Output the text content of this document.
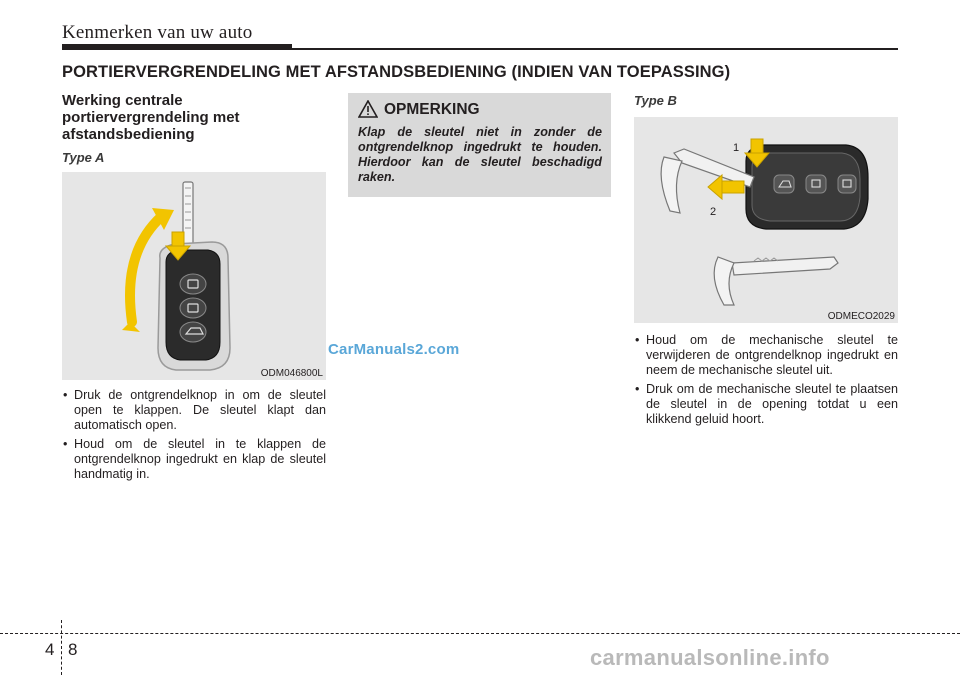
Kenmerken van uw auto
PORTIERVERGRENDELING MET AFSTANDSBEDIENING (INDIEN VAN TOEPASSING)
Werking centrale
portiervergrendeling met
afstandsbediening
Type A
ODM046800L
• Druk de ontgrendelknop in om de sleutel open te klappen. De sleutel klapt dan automatisch open.
• Houd om de sleutel in te klappen de ontgrendelknop ingedrukt en klap de sleutel handmatig in.
OPMERKING
Klap de sleutel niet in zonder de ontgrendelknop ingedrukt te houden. Hierdoor kan de sleutel beschadigd raken.
CarManuals2.com
Type B
1
2
ODMECO2029
• Houd om de mechanische sleutel te verwijderen de ontgrendelknop ingedrukt en neem de mechanische sleutel uit.
• Druk om de mechanische sleutel te plaatsen de sleutel in de opening totdat u een klikkend geluid hoort.
4 8	carmanualsonline.info
